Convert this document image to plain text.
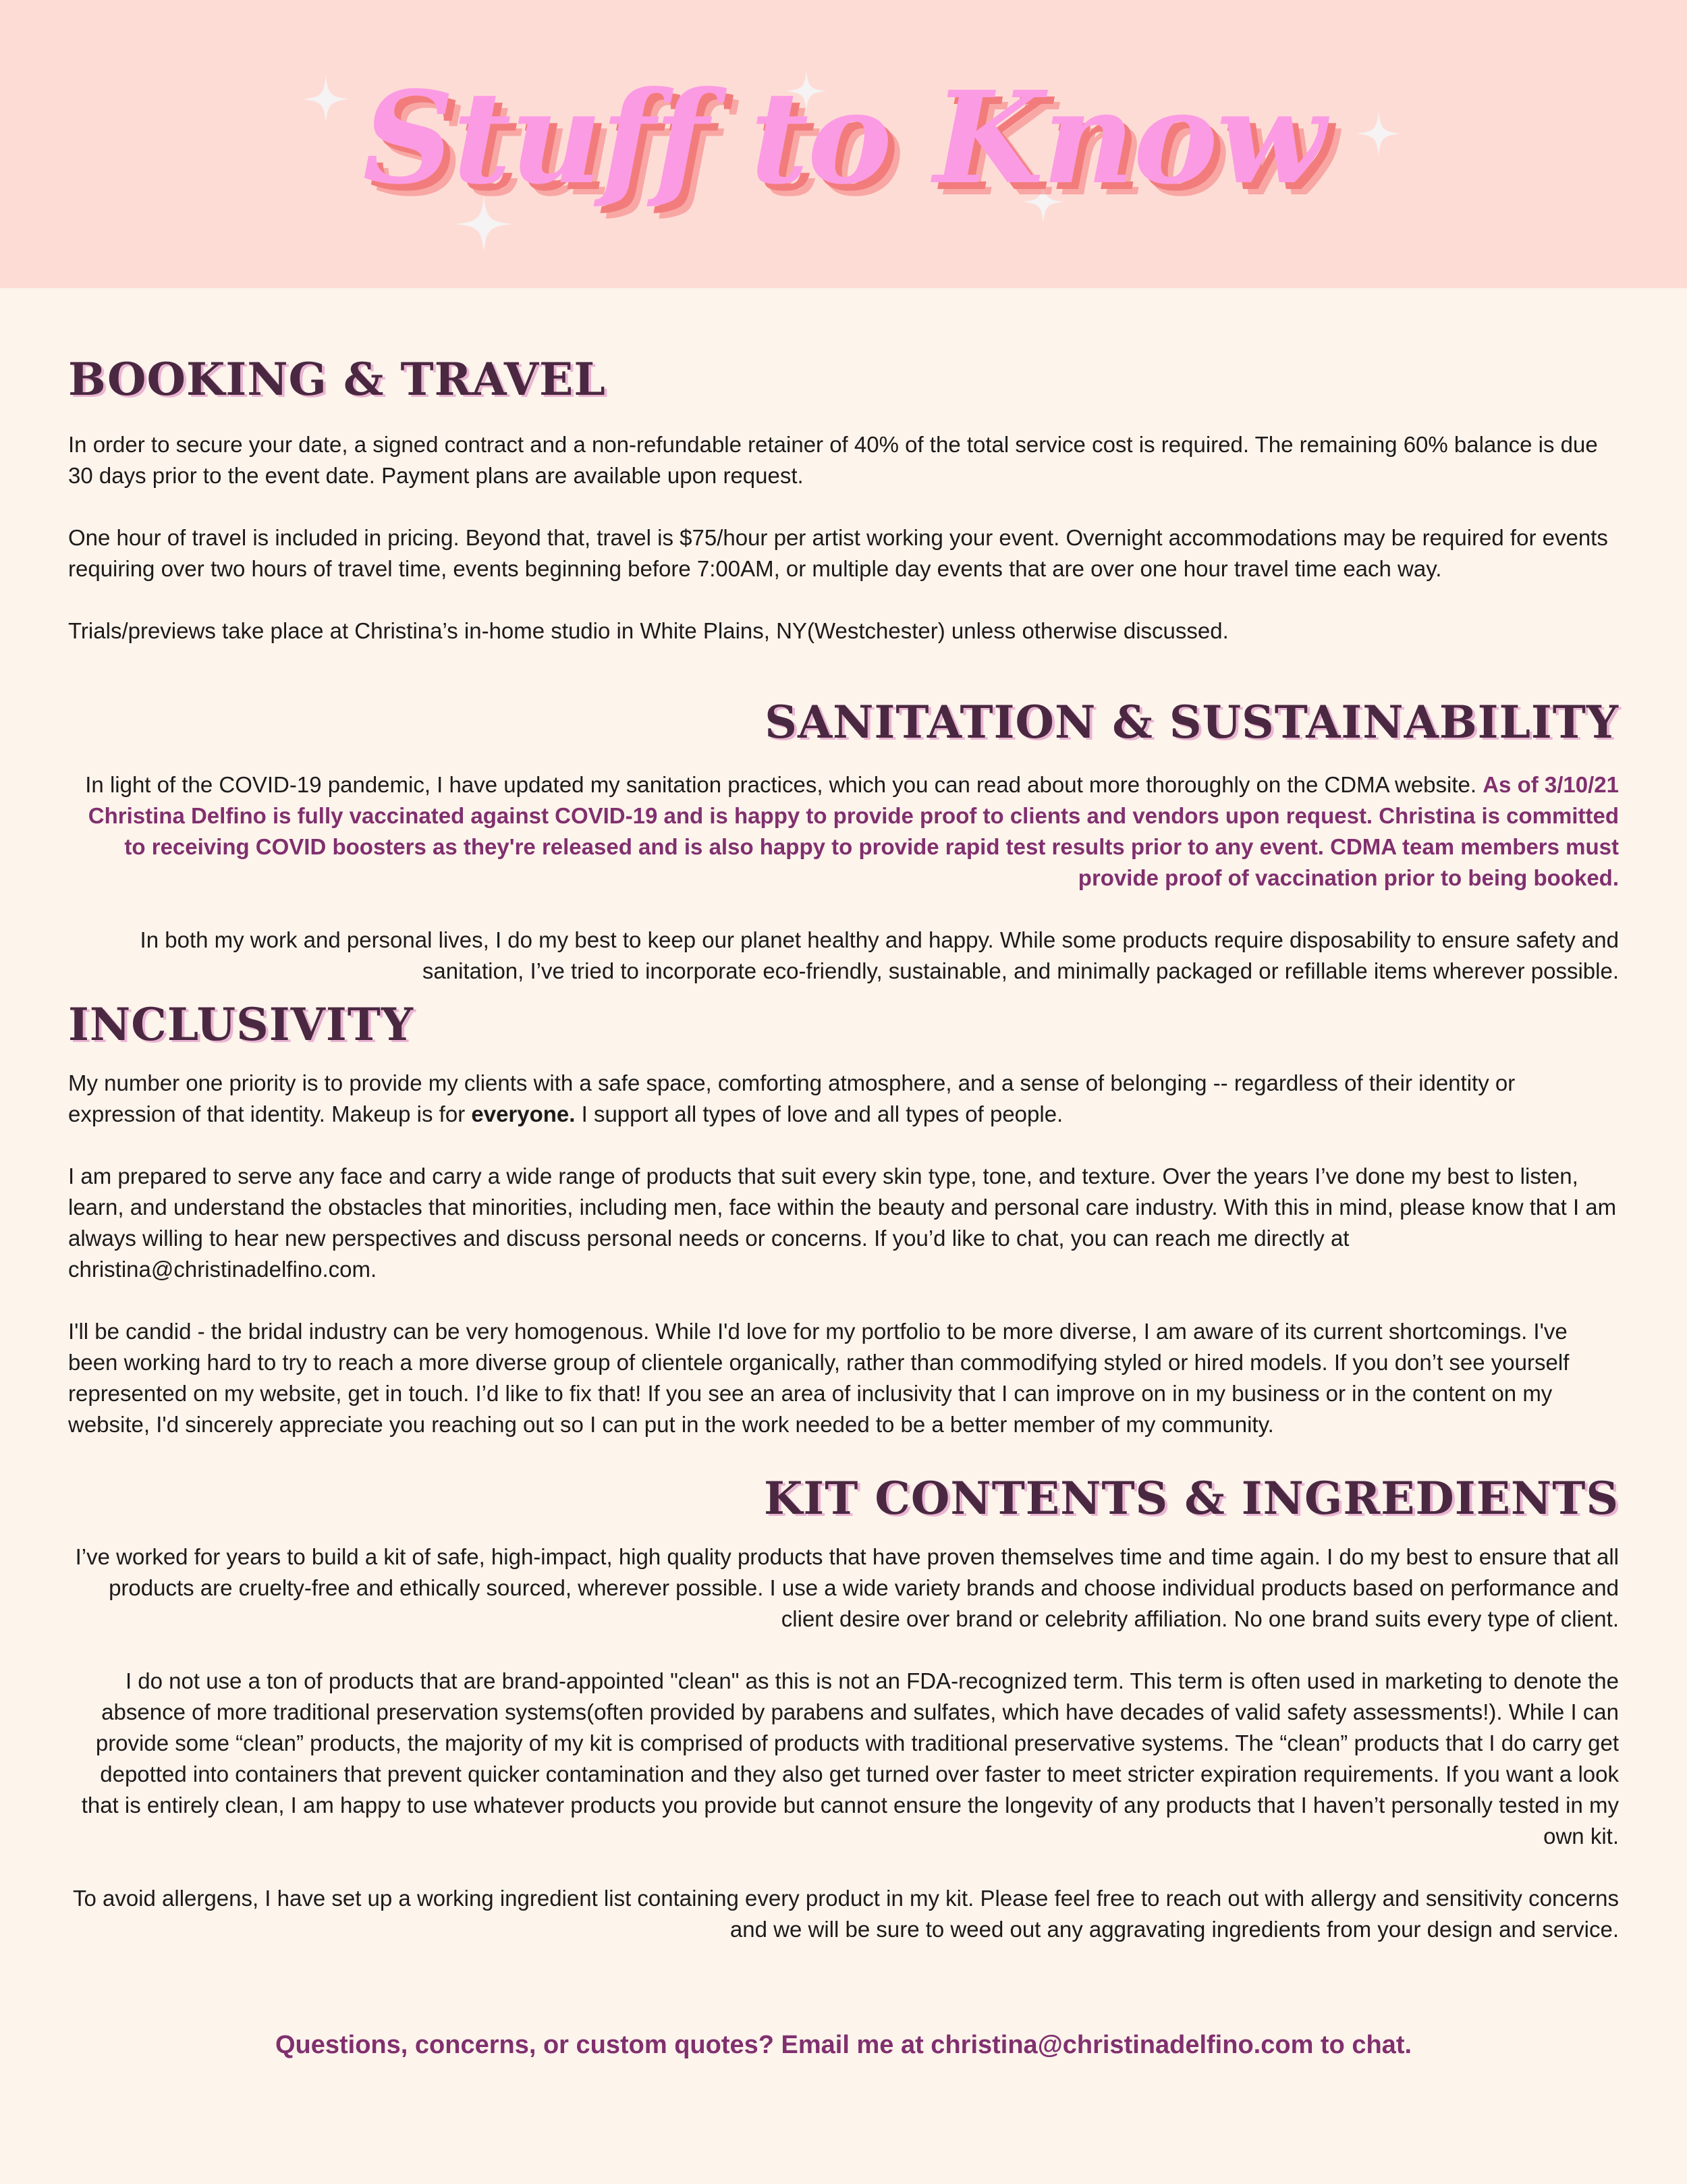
Stuff to Know
BOOKING & TRAVEL

In order to secure your date, a signed contract and a non-refundable retainer of 40% of the total service cost is required. The remaining 60% balance is due 30 days prior to the event date. Payment plans are available upon request.

One hour of travel is included in pricing. Beyond that, travel is $75/hour per artist working your event. Overnight accommodations may be required for events requiring over two hours of travel time, events beginning before 7:00AM, or multiple day events that are over one hour travel time each way.

Trials/previews take place at Christina’s in-home studio in White Plains, NY(Westchester) unless otherwise discussed.

SANITATION & SUSTAINABILITY

In light of the COVID-19 pandemic, I have updated my sanitation practices, which you can read about more thoroughly on the CDMA website. As of 3/10/21 Christina Delfino is fully vaccinated against COVID-19 and is happy to provide proof to clients and vendors upon request. Christina is committed to receiving COVID boosters as they're released and is also happy to provide rapid test results prior to any event. CDMA team members must provide proof of vaccination prior to being booked.

In both my work and personal lives, I do my best to keep our planet healthy and happy. While some products require disposability to ensure safety and sanitation, I’ve tried to incorporate eco-friendly, sustainable, and minimally packaged or refillable items wherever possible.

INCLUSIVITY

My number one priority is to provide my clients with a safe space, comforting atmosphere, and a sense of belonging -- regardless of their identity or expression of that identity. Makeup is for everyone. I support all types of love and all types of people.

I am prepared to serve any face and carry a wide range of products that suit every skin type, tone, and texture. Over the years I’ve done my best to listen, learn, and understand the obstacles that minorities, including men, face within the beauty and personal care industry. With this in mind, please know that I am always willing to hear new perspectives and discuss personal needs or concerns. If you’d like to chat, you can reach me directly at christina@christinadelfino.com.

I'll be candid - the bridal industry can be very homogenous. While I'd love for my portfolio to be more diverse, I am aware of its current shortcomings. I've been working hard to try to reach a more diverse group of clientele organically, rather than commodifying styled or hired models. If you don’t see yourself represented on my website, get in touch. I’d like to fix that! If you see an area of inclusivity that I can improve on in my business or in the content on my website, I'd sincerely appreciate you reaching out so I can put in the work needed to be a better member of my community.

KIT CONTENTS & INGREDIENTS

I’ve worked for years to build a kit of safe, high-impact, high quality products that have proven themselves time and time again. I do my best to ensure that all products are cruelty-free and ethically sourced, wherever possible. I use a wide variety brands and choose individual products based on performance and client desire over brand or celebrity affiliation. No one brand suits every type of client.

I do not use a ton of products that are brand-appointed "clean" as this is not an FDA-recognized term. This term is often used in marketing to denote the absence of more traditional preservation systems(often provided by parabens and sulfates, which have decades of valid safety assessments!). While I can provide some “clean” products, the majority of my kit is comprised of products with traditional preservative systems. The “clean” products that I do carry get depotted into containers that prevent quicker contamination and they also get turned over faster to meet stricter expiration requirements. If you want a look that is entirely clean, I am happy to use whatever products you provide but cannot ensure the longevity of any products that I haven’t personally tested in my own kit.

To avoid allergens, I have set up a working ingredient list containing every product in my kit. Please feel free to reach out with allergy and sensitivity concerns and we will be sure to weed out any aggravating ingredients from your design and service.

Questions, concerns, or custom quotes? Email me at christina@christinadelfino.com to chat.
